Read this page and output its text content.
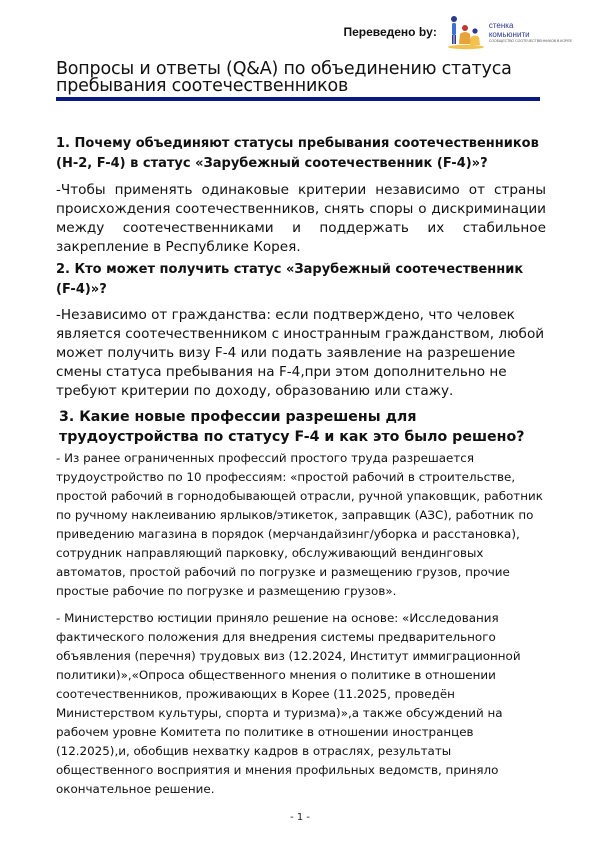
Переведено by:	стенка
комьюнити
СООБЩЕСТВО СООТЕЧЕСТВЕННИКОВ В КОРЕЕ
Вопросы и ответы (Q&A) по объединению статуса пребывания соотечественников

1. Почему объединяют статусы пребывания соотечественников (H-2, F-4) в статус «Зарубежный соотечественник (F-4)»?

-Чтобы применять одинаковые критерии независимо от страны происхождения соотечественников, снять споры о дискриминации между соотечественниками и поддержать их стабильное закрепление в Республике Корея.

2. Кто может получить статус «Зарубежный соотечественник (F-4)»?

-Независимо от гражданства: если подтверждено, что человек является соотечественником с иностранным гражданством, любой может получить визу F-4 или подать заявление на разрешение смены статуса пребывания на F-4,при этом дополнительно не требуют критерии по доходу, образованию или стажу.

3. Какие новые профессии разрешены для трудоустройства по статусу F-4 и как это было решено?

- Из ранее ограниченных профессий простого труда разрешается трудоустройство по 10 профессиям: «простой рабочий в строительстве, простой рабочий в горнодобывающей отрасли, ручной упаковщик, работник по ручному наклеиванию ярлыков/этикеток, заправщик (АЗС), работник по приведению магазина в порядок (мерчандайзинг/уборка и расстановка), сотрудник направляющий парковку, обслуживающий вендинговых автоматов, простой рабочий по погрузке и размещению грузов, прочие простые рабочие по погрузке и размещению грузов».

- Министерство юстиции приняло решение на основе: «Исследования фактического положения для внедрения системы предварительного объявления (перечня) трудовых виз (12.2024, Институт иммиграционной политики)»,«Опроса общественного мнения о политике в отношении соотечественников, проживающих в Корее (11.2025, проведён Министерством культуры, спорта и туризма)»,а также обсуждений на рабочем уровне Комитета по политике в отношении иностранцев (12.2025),и, обобщив нехватку кадров в отраслях, результаты общественного восприятия и мнения профильных ведомств, приняло окончательное решение.

- 1 -
